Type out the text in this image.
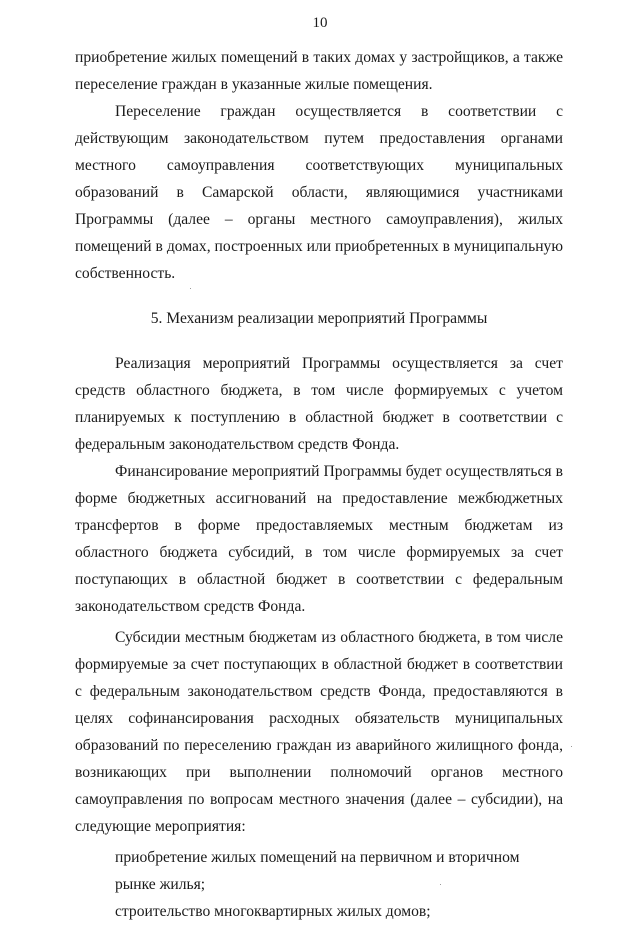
10

приобретение жилых помещений в таких домах у застройщиков, а также переселение граждан в указанные жилые помещения.

Переселение граждан осуществляется в соответствии с действующим законодательством путем предоставления органами местного самоуправления соответствующих муниципальных образований в Самарской области, являющимися участниками Программы (далее – органы местного самоуправления), жилых помещений в домах, построенных или приобретенных в муниципальную собственность.

5. Механизм реализации мероприятий Программы

Реализация мероприятий Программы осуществляется за счет средств областного бюджета, в том числе формируемых с учетом планируемых к поступлению в областной бюджет в соответствии с федеральным законодательством средств Фонда.

Финансирование мероприятий Программы будет осуществляться в форме бюджетных ассигнований на предоставление межбюджетных трансфертов в форме предоставляемых местным бюджетам из областного бюджета субсидий, в том числе формируемых за счет поступающих в областной бюджет в соответствии с федеральным законодательством средств Фонда.

Субсидии местным бюджетам из областного бюджета, в том числе формируемые за счет поступающих в областной бюджет в соответствии с федеральным законодательством средств Фонда, предоставляются в целях софинансирования расходных обязательств муниципальных образований по переселению граждан из аварийного жилищного фонда, возникающих при выполнении полномочий органов местного самоуправления по вопросам местного значения (далее – субсидии), на следующие мероприятия:

приобретение жилых помещений на первичном и вторичном рынке жилья;

строительство многоквартирных жилых домов;
